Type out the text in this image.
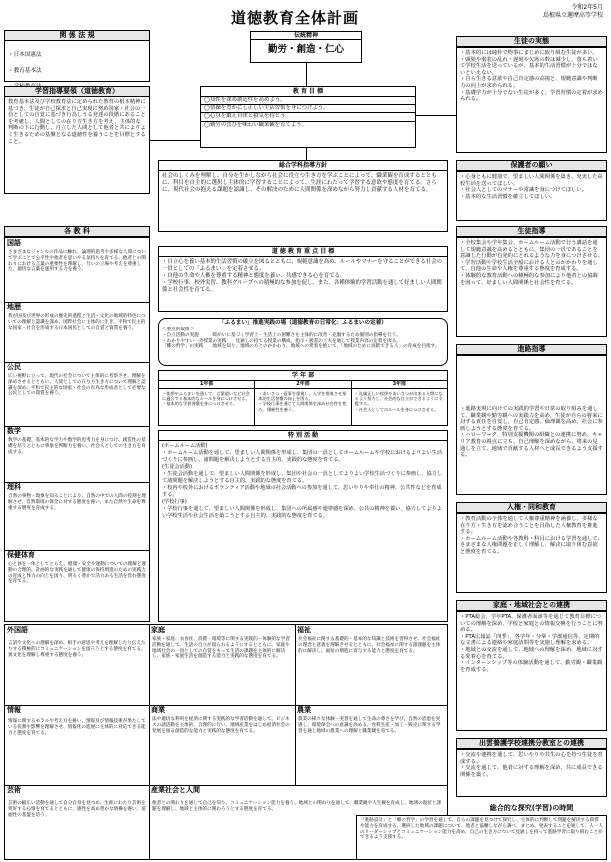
道徳教育全体計画
令和2年5月
島根県立邇摩高等学校
関 係 法 規

・日本国憲法

・教育基本法

学習指導要領（道徳教育）
教育基本法及び学校教育法に定められた教育の根本精神に基づき、生徒が自己探求と自己実現に努め国家・社会の一員としての自覚に基づき行為しうる発達の段階にあることを考慮し、人間としての在り方生き方を考え、主体的な判断の下に行動し、自立した人間として他者と共によりよく生きるための基盤となる道徳性を養うことを目標とすること。
伝統精神
勤労・創造・仁心
教 育 目 標
◯知性を深め創造性を高めよう。
◯情操を豊かにし正しい生活習慣を身につけよう。
◯心身を鍛え自律と積気を持とう。
◯勤労の喜びを味わい職業観を育てよう。
生徒の実態
・基本的には純朴で物事にまじめに取り組む生徒が多い。
・頭髪や服装の乱れ・遅刻や欠席の数は減少し、落ち着いて学校生活を送っているが、基本的生活習慣が十分ではないといえない。
・自ら生きる意欲や自己肯定感の高揚と、規範意識や判断力の向上が求められる。
・基礎学力が十分でない生徒が多く、学習習慣の定着が求められる。
保護者の願い
・心身ともに健康で、望ましい人間関係を築き、充実した高校生活を送ってほしい。
・社会人としてのマナーや常識を身につけてほしい。
・基本的な生活習慣を確立してほしい。
総合学科指導方針
社会のしくみを理解し、自分を生かしながら社会に役立つ生き方を学ぶことによって、職業観を育成するとともに、科目を自主的に選択し主体的に学習することによって、生涯にわたって学習する意欲や態度を育てる。さらに、現代社会の抱える課題を認識し、その解決のために人間関係を深めながら努力し貢献する人材を育てる。
各 教 科
国語
さまざまなジャンルの作品に触れ、論理的思考や多様な人間について学ぶことで公平性や他者を思いやる気持ちを育てる。他者との関わりにおける言葉の重要性を理解し、互いの立場や考えを尊重した、適切な言葉を運用する力を養う。
地歴
我が国及び世界の形成の歴史的過程と生活・文化の地域的特色についての理解と認識を深め、国際社会に主体的に生き、平和で民主的な国家・社会を形成する日本国民としての自覚と資質を養う。
公民
広い視野に立って、現代の社会について主体的に考察させ、理解を深めさせるとともに、人間としての在り方生き方について理解と認識を深め、平和で民主的な国家・社会の有為な形成者として必要な公民としての資質を養う。
数学
数学の基礎、基本的な学力や数学的思考力を身につけ、創造性の基礎を培うとともに事象を判断力を養い、社会人としての生き方を育成する。
理科
自然の事物・現象を知ることにより、自然の中での人間の役割を理解させ、自然環境の保全に対する態度を養い、また自然や生命を尊重する態度を育成する。
保健体育
心と体を一体としてとらえ、健康・安全や運動についての理解と運動の合理的、計画的な実践を通して健康の保持増進のための実践力の育成と体力の向上を図り、明るく豊かで活力ある生活を営む態度を育てる。
道 徳 教 育 重 点 目 標
・自立心を養い基本的生活習慣の確立を図るとともに、規範意識を高め、ルールやマナーを守ることができる社会の一員としての「ふるまい」を定着させる。
・自他の生命や人権を尊重する精神と態度を養い、共感できる心を育てる。
・学校行事、校外実習、教科グループへの積極的な参加を促し、また、各種体験的学習活動を通して好ましい人間関係と社会性を育てる。
「ふるまい」推進実践の場（道徳教育の日常化：ふるまいの定着）
＜重点的取組＞
・自立活動の実施　　　障がいに基づく学習上・生活上の困難さを主体的に改善・克服するため個別の指導を行う。
・わかりやすい一斉授業の実践　　見通しの持てる授業の構成、指示・板書の工夫を通して授業内容の定着を図る。
「郷の哲学」の実践　　地域を知り、地域の方とのかかわり、地域への愛着を抱いて、「地域のために貢献できる人」の育成を目指す。
学 年 部
1年部
・挨拶やふるまいを通して、言葉遣いなど社会に適合する基本的なルールを身につけさせる。
・基本的な学習習慣を身につけさせる。
2年部
・あいさつ・返事を重視し、入学を推進させ基本的生活習慣の向上を図る。
・学校行事を通じて人間関係を深め社会性を育み、積極性を養う。
3年部
・礼儀正しい挨拶やあいさつが出来る人間になるよう努力し、社会的な自立ができるように支援する。
・社会人としてのルールを身につけさせる。
特 別 活 動
(ホームルーム活動)
・ホームルーム活動を通して、望ましい人間関係を形成し、集団の一員としてホームルームや学校におけるよりよい生活づくりに参画し、諸問題を解決しようとする自主的、実践的な態度を育てる。
(生徒会活動)
・生徒会活動を通して、望ましい人間関係を形成し、集団や社会の一員としてよりよい学校生活づくりに参画し、協力して諸問題を解決しようとする自主的、実践的な態度を育てる。
・校内や校外におけるボランティア活動や地域の社会活動への参加を通して、思いやりや奉仕の精神、公共性などを育成する。
(学校行事)
・学校行事を通して、望ましい人間関係を形成し、集団への所属感や連帯感を深め、公共の精神を養い、協力してよりよい学校生活や社会生活を築こうとする自主的、実践的な態度を育てる。
生徒指導
・全校集会や学年集会、ホームルーム活動で行う講話を通して規範意識を高めるとともに、集団の一員であることを意識した行動が自発的にとれるような力を身につけさせる。
・学習活動や学校生活全般における人とのかかわりを通して、自他の生命や人権を尊重する態度を育成する。
・体験的な教育活動への積極的な参加により他者との協調を図って、好ましい人間関係と社会性を育てる。
進路指導
・進路実現に向けての実践的学習や日常の取り組みを通して、職業観や勤労観への実践力を高め、生徒が自らの将来に対する責任を自覚し、自己肯定感、倫理観を高め、社会に参画しようとする態度を育てる。
・ハローワーク、特別支援機関の組織との連携に努め、キャリア教育の視点に立ち、自己理解を深めながら、将来の見通しを立て、地域で貢献する人材へと成長できるよう支援する。
人権・同和教育
・教育活動の全体を通して人権尊重精神を涵養し、多様な在り方・生き方を認め合うことを目指した人権教育を推進する。
・ホームルーム活動や各教科・科目における学習を通して、さまざまな人権問題を正しく理解し、解決に取り組む意欲と態度を育てる。
家庭・地域社会との連携
・PTA総会、学年PTA、保護者面談等を通じて教育目標についての理解を深め、学校と家庭との情報交換を行うことに努める。
・PTA広報誌「四季」、各学年・分掌・学部通信等、定期的な文書による連絡や家庭訪問等を実施し理解を求める。
・地域との交流を通して、地域への理解を深め、地域に対する愛着心を育てる。
・インターンシップ等の体験活動を通して、勤労観・職業観を育成する。
出雲養護学校連携分教室との連携
・交流や連携を通して、思いやりや共生の心を持つ生徒を育成する。
・交流を通して、他者に対する理解を深め、共に成長できる関係を築く。
外国語
言語や文化への理解を深め、相手の意思や考えを理解したり伝えたりする積極的にコミュニケーションを図ろうとする態度を育てる。異文化を理解し尊重する態度を養う。
家庭
家族・家庭、衣食住、消費・環境等に関する実践的・体験的な学習活動を通して、生活の自立が図られるようにするとともに、家庭や地域社会の一員としての自覚をもって生活の課題を主体的に解決し、家族・家庭生活を創造する能力と実践的な態度を育てる。
福祉
社会福祉に関する基礎的・基本的な知識と技術を習得させ、社会福祉の理念と意義を理解させるとともに、社会福祉に関する諸課題を主体的に解決し、福祉の増進に寄与する能力と態度を育てる。
情報
情報に関するモラルや考え方を養い、情報及び情報技術が果たしている役割や影響を理解させ、情報化の進展に主体的に対応できる能力と態度を育てる。
商業
法や適切な利用を経済に関する実践的な学習活動を通して、ビジネスの諸活動を主体的、合理的に行い、地域産業をはじめ経済社会の発展を図る創造的な能力と実践的な態度を育てる。
農業
農業の様々な体験・実習を通して生命の尊さを学び、自然の恩恵を実感し、環境保全への意識を高める。食料生産・加工・販売に関する学習を通じ地域の農業への理解と職業観を育てる。
芸術
芸術の幅広い活動を通して自分自身を見つめ、生涯にわたり芸術を愛好する心情を育てるとともに、感性を高め豊かな情操を養い、道徳性の基盤を培う。
産業社会と人間
他者との関わりを通して自己を知り、コミュニケーション能力を養う。地域との関わりを通して、職業観や人生観を育成し、地域の現状と課題を理解し、地域と主体的に関わろうとする態度を育てる。	総合的な探究(学習)の時間
「進路設計」と「郷の哲学」の学習を通して、自らの課題を見つけて探究し、主体的に判断して問題を解決する資質や能力を育成する。選択した地域の課題について、他者と協働しながら調べ、まとめ、発表することを通して、人一人のリーダーシップとコミュニケーション能力を高め、自己の生き方について見通しを持って進路学習に取り組むことができるよう支援する。
